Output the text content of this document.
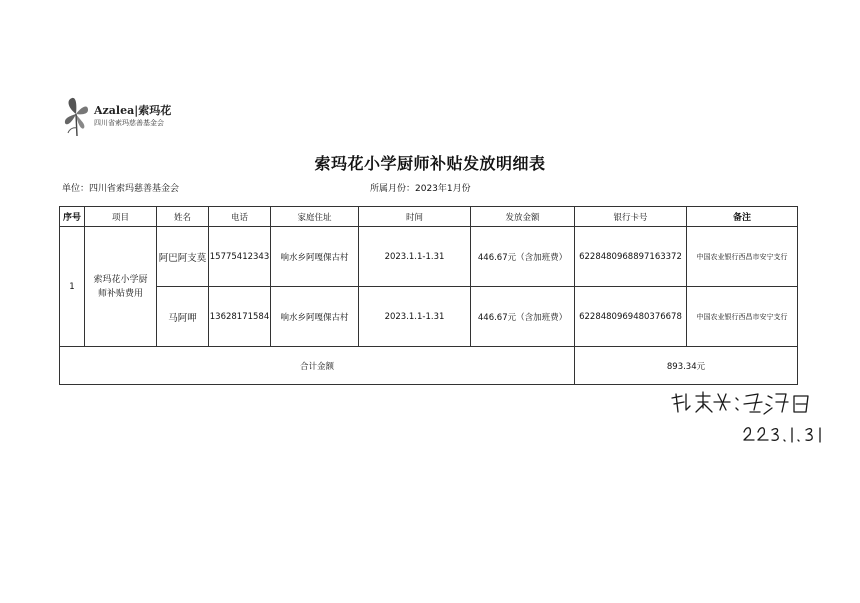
Azalea|索玛花
四川省索玛慈善基金会
索玛花小学厨师补贴发放明细表
单位：四川省索玛慈善基金会	所属月份：2023年1月份
序号	项目	姓名	电话	家庭住址	时间	发放金额	银行卡号	备注
1	索玛花小学厨师补贴费用	阿巴阿支莫	15775412343	响水乡阿嘎倮古村	2023.1.1-1.31	446.67元（含加班费）	6228480968897163372	中国农业银行西昌市安宁支行
		马阿呷	13628171584	响水乡阿嘎倮古村	2023.1.1-1.31	446.67元（含加班费）	6228480969480376678	中国农业银行西昌市安宁支行
合计金额							893.34元	
